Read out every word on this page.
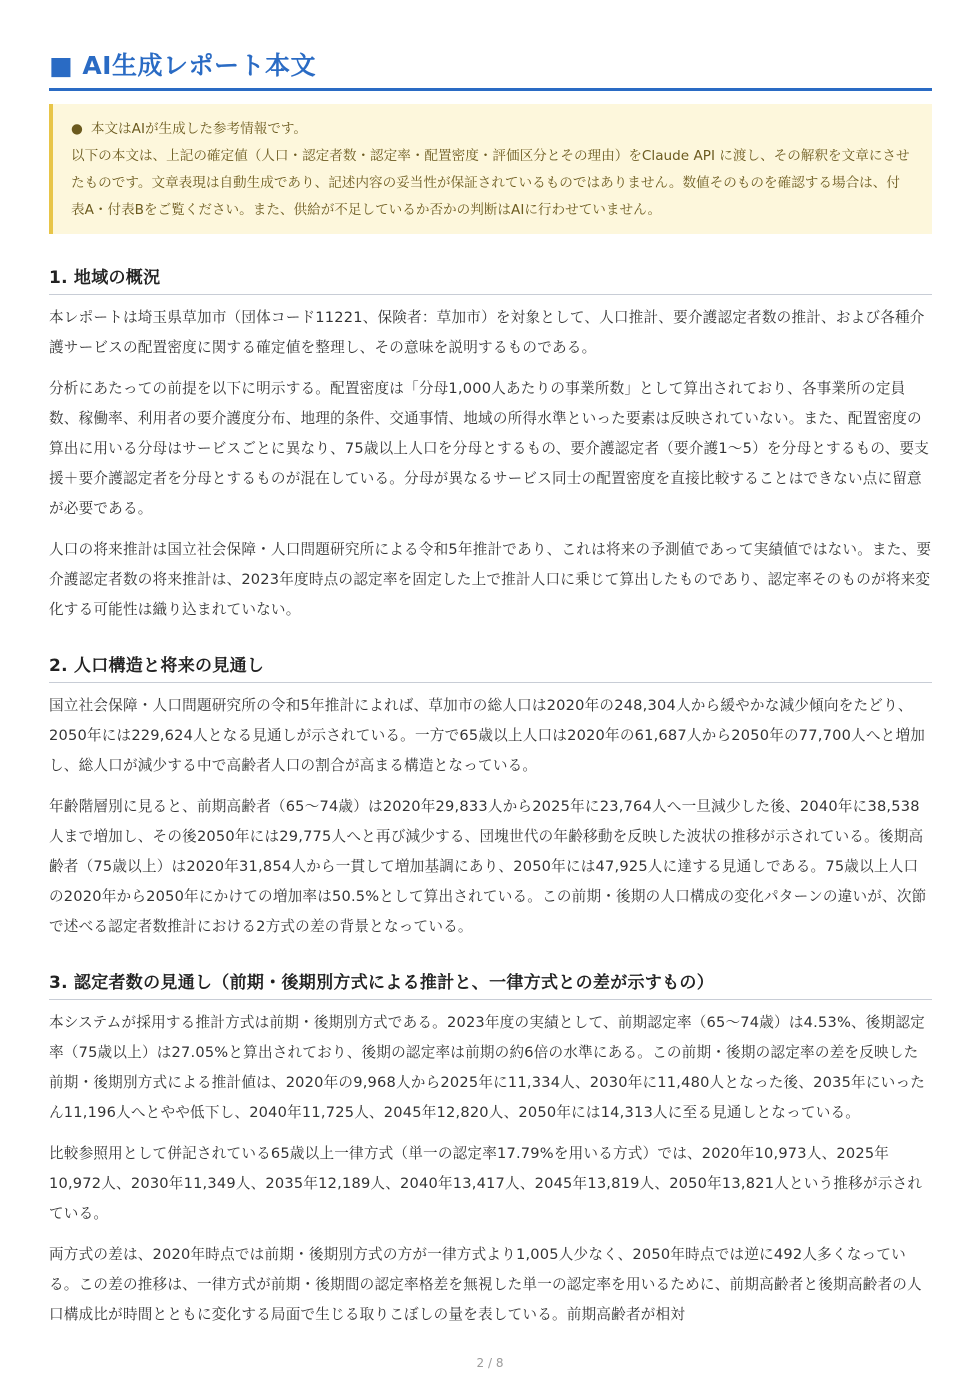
■ AI生成レポート本文

● 本文はAIが生成した参考情報です。

以下の本文は、上記の確定値（人口・認定者数・認定率・配置密度・評価区分とその理由）をClaude API に渡し、その解釈を文章にさせたものです。文章表現は自動生成であり、記述内容の妥当性が保証されているものではありません。数値そのものを確認する場合は、付表A・付表Bをご覧ください。また、供給が不足しているか否かの判断はAIに行わせていません。

1. 地域の概況

本レポートは埼玉県草加市（団体コード11221、保険者：草加市）を対象として、人口推計、要介護認定者数の推計、および各種介護サービスの配置密度に関する確定値を整理し、その意味を説明するものである。

分析にあたっての前提を以下に明示する。配置密度は「分母1,000人あたりの事業所数」として算出されており、各事業所の定員数、稼働率、利用者の要介護度分布、地理的条件、交通事情、地域の所得水準といった要素は反映されていない。また、配置密度の算出に用いる分母はサービスごとに異なり、75歳以上人口を分母とするもの、要介護認定者（要介護1〜5）を分母とするもの、要支援＋要介護認定者を分母とするものが混在している。分母が異なるサービス同士の配置密度を直接比較することはできない点に留意が必要である。

人口の将来推計は国立社会保障・人口問題研究所による令和5年推計であり、これは将来の予測値であって実績値ではない。また、要介護認定者数の将来推計は、2023年度時点の認定率を固定した上で推計人口に乗じて算出したものであり、認定率そのものが将来変化する可能性は織り込まれていない。

2. 人口構造と将来の見通し

国立社会保障・人口問題研究所の令和5年推計によれば、草加市の総人口は2020年の248,304人から緩やかな減少傾向をたどり、2050年には229,624人となる見通しが示されている。一方で65歳以上人口は2020年の61,687人から2050年の77,700人へと増加し、総人口が減少する中で高齢者人口の割合が高まる構造となっている。

年齢階層別に見ると、前期高齢者（65〜74歳）は2020年29,833人から2025年に23,764人へ一旦減少した後、2040年に38,538人まで増加し、その後2050年には29,775人へと再び減少する、団塊世代の年齢移動を反映した波状の推移が示されている。後期高齢者（75歳以上）は2020年31,854人から一貫して増加基調にあり、2050年には47,925人に達する見通しである。75歳以上人口の2020年から2050年にかけての増加率は50.5%として算出されている。この前期・後期の人口構成の変化パターンの違いが、次節で述べる認定者数推計における2方式の差の背景となっている。

3. 認定者数の見通し（前期・後期別方式による推計と、一律方式との差が示すもの）

本システムが採用する推計方式は前期・後期別方式である。2023年度の実績として、前期認定率（65〜74歳）は4.53%、後期認定率（75歳以上）は27.05%と算出されており、後期の認定率は前期の約6倍の水準にある。この前期・後期の認定率の差を反映した前期・後期別方式による推計値は、2020年の9,968人から2025年に11,334人、2030年に11,480人となった後、2035年にいったん11,196人へとやや低下し、2040年11,725人、2045年12,820人、2050年には14,313人に至る見通しとなっている。

比較参照用として併記されている65歳以上一律方式（単一の認定率17.79%を用いる方式）では、2020年10,973人、2025年10,972人、2030年11,349人、2035年12,189人、2040年13,417人、2045年13,819人、2050年13,821人という推移が示されている。

両方式の差は、2020年時点では前期・後期別方式の方が一律方式より1,005人少なく、2050年時点では逆に492人多くなっている。この差の推移は、一律方式が前期・後期間の認定率格差を無視した単一の認定率を用いるために、前期高齢者と後期高齢者の人口構成比が時間とともに変化する局面で生じる取りこぼしの量を表している。前期高齢者が相対

2 / 8
